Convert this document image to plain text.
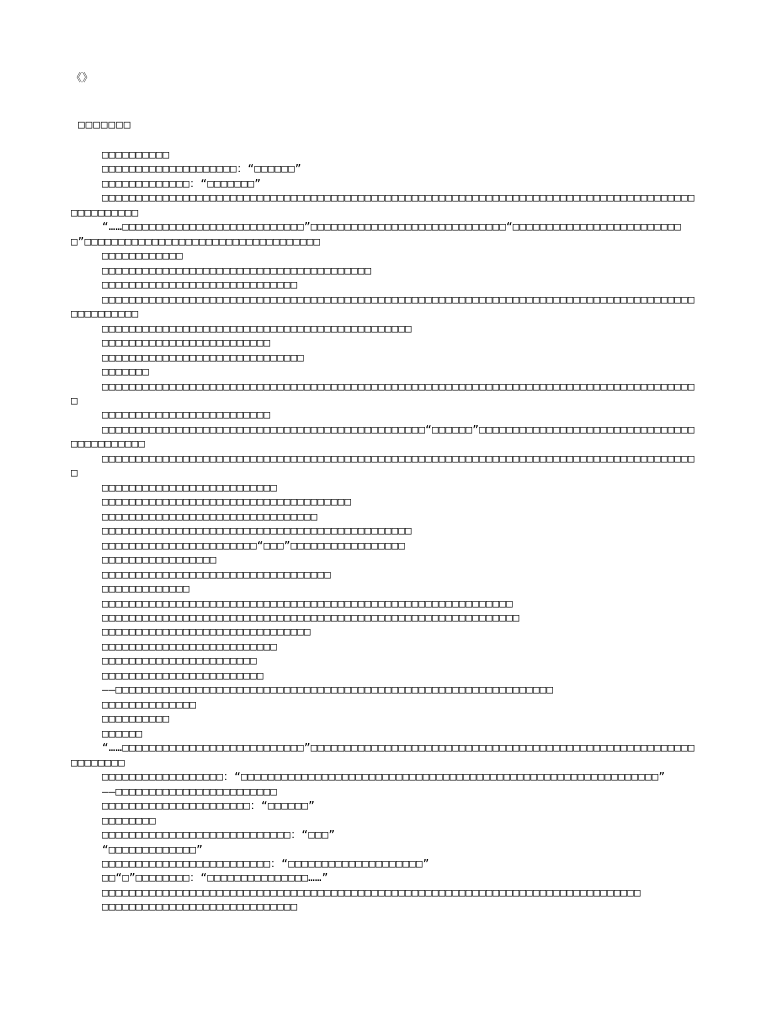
《》
□□□□□□□

□□□□□□□□□□

□□□□□□□□□□□□□□□□□□□□：“□□□□□□”

□□□□□□□□□□□□□：“□□□□□□□”

□□□□□□□□□□□□□□□□□□□□□□□□□□□□□□□□□□□□□□□□□□□□□□□□□□□□□□□□□□□□□□□□□□□□□□□□□□□□□□□□□□□□□□□□□□□□□□□□□□

“……□□□□□□□□□□□□□□□□□□□□□□□□□□□”□□□□□□□□□□□□□□□□□□□□□□□□□□□□□“□□□□□□□□□□□□□□□□□□□□□□□□□□”□□□□□□□□□□□□□□□□□□□□□□□□□□□□□□□□□□□

□□□□□□□□□□□□

□□□□□□□□□□□□□□□□□□□□□□□□□□□□□□□□□□□□□□□□

□□□□□□□□□□□□□□□□□□□□□□□□□□□□□

□□□□□□□□□□□□□□□□□□□□□□□□□□□□□□□□□□□□□□□□□□□□□□□□□□□□□□□□□□□□□□□□□□□□□□□□□□□□□□□□□□□□□□□□□□□□□□□□□□

□□□□□□□□□□□□□□□□□□□□□□□□□□□□□□□□□□□□□□□□□□□□□□

□□□□□□□□□□□□□□□□□□□□□□□□□

□□□□□□□□□□□□□□□□□□□□□□□□□□□□□□

□□□□□□□

□□□□□□□□□□□□□□□□□□□□□□□□□□□□□□□□□□□□□□□□□□□□□□□□□□□□□□□□□□□□□□□□□□□□□□□□□□□□□□□□□□□□□□□□□

□□□□□□□□□□□□□□□□□□□□□□□□□

□□□□□□□□□□□□□□□□□□□□□□□□□□□□□□□□□□□□□□□□□□□□□□□□“□□□□□□”□□□□□□□□□□□□□□□□□□□□□□□□□□□□□□□□□□□□□□□□□□□

□□□□□□□□□□□□□□□□□□□□□□□□□□□□□□□□□□□□□□□□□□□□□□□□□□□□□□□□□□□□□□□□□□□□□□□□□□□□□□□□□□□□□□□□□

□□□□□□□□□□□□□□□□□□□□□□□□□□

□□□□□□□□□□□□□□□□□□□□□□□□□□□□□□□□□□□□□

□□□□□□□□□□□□□□□□□□□□□□□□□□□□□□□□

□□□□□□□□□□□□□□□□□□□□□□□□□□□□□□□□□□□□□□□□□□□□□□

□□□□□□□□□□□□□□□□□□□□□□□“□□□”□□□□□□□□□□□□□□□□□

□□□□□□□□□□□□□□□□□

□□□□□□□□□□□□□□□□□□□□□□□□□□□□□□□□□□

□□□□□□□□□□□□□

□□□□□□□□□□□□□□□□□□□□□□□□□□□□□□□□□□□□□□□□□□□□□□□□□□□□□□□□□□□□□

□□□□□□□□□□□□□□□□□□□□□□□□□□□□□□□□□□□□□□□□□□□□□□□□□□□□□□□□□□□□□□

□□□□□□□□□□□□□□□□□□□□□□□□□□□□□□□

□□□□□□□□□□□□□□□□□□□□□□□□□□

□□□□□□□□□□□□□□□□□□□□□□□

□□□□□□□□□□□□□□□□□□□□□□□□

——□□□□□□□□□□□□□□□□□□□□□□□□□□□□□□□□□□□□□□□□□□□□□□□□□□□□□□□□□□□□□□□□□

□□□□□□□□□□□□□□

□□□□□□□□□□

□□□□□□

“……□□□□□□□□□□□□□□□□□□□□□□□□□□□”□□□□□□□□□□□□□□□□□□□□□□□□□□□□□□□□□□□□□□□□□□□□□□□□□□□□□□□□□□□□□□□□□

□□□□□□□□□□□□□□□□□□：“□□□□□□□□□□□□□□□□□□□□□□□□□□□□□□□□□□□□□□□□□□□□□□□□□□□□□□□□□□□□□□”

——□□□□□□□□□□□□□□□□□□□□□□□□

□□□□□□□□□□□□□□□□□□□□□□：“□□□□□□”

□□□□□□□□

□□□□□□□□□□□□□□□□□□□□□□□□□□□□：“□□□”

“□□□□□□□□□□□□□”

□□□□□□□□□□□□□□□□□□□□□□□□□：“□□□□□□□□□□□□□□□□□□□□”

□□“□”□□□□□□□□：“□□□□□□□□□□□□□□□……”

□□□□□□□□□□□□□□□□□□□□□□□□□□□□□□□□□□□□□□□□□□□□□□□□□□□□□□□□□□□□□□□□□□□□□□□□□□□□□□□□

□□□□□□□□□□□□□□□□□□□□□□□□□□□□□
